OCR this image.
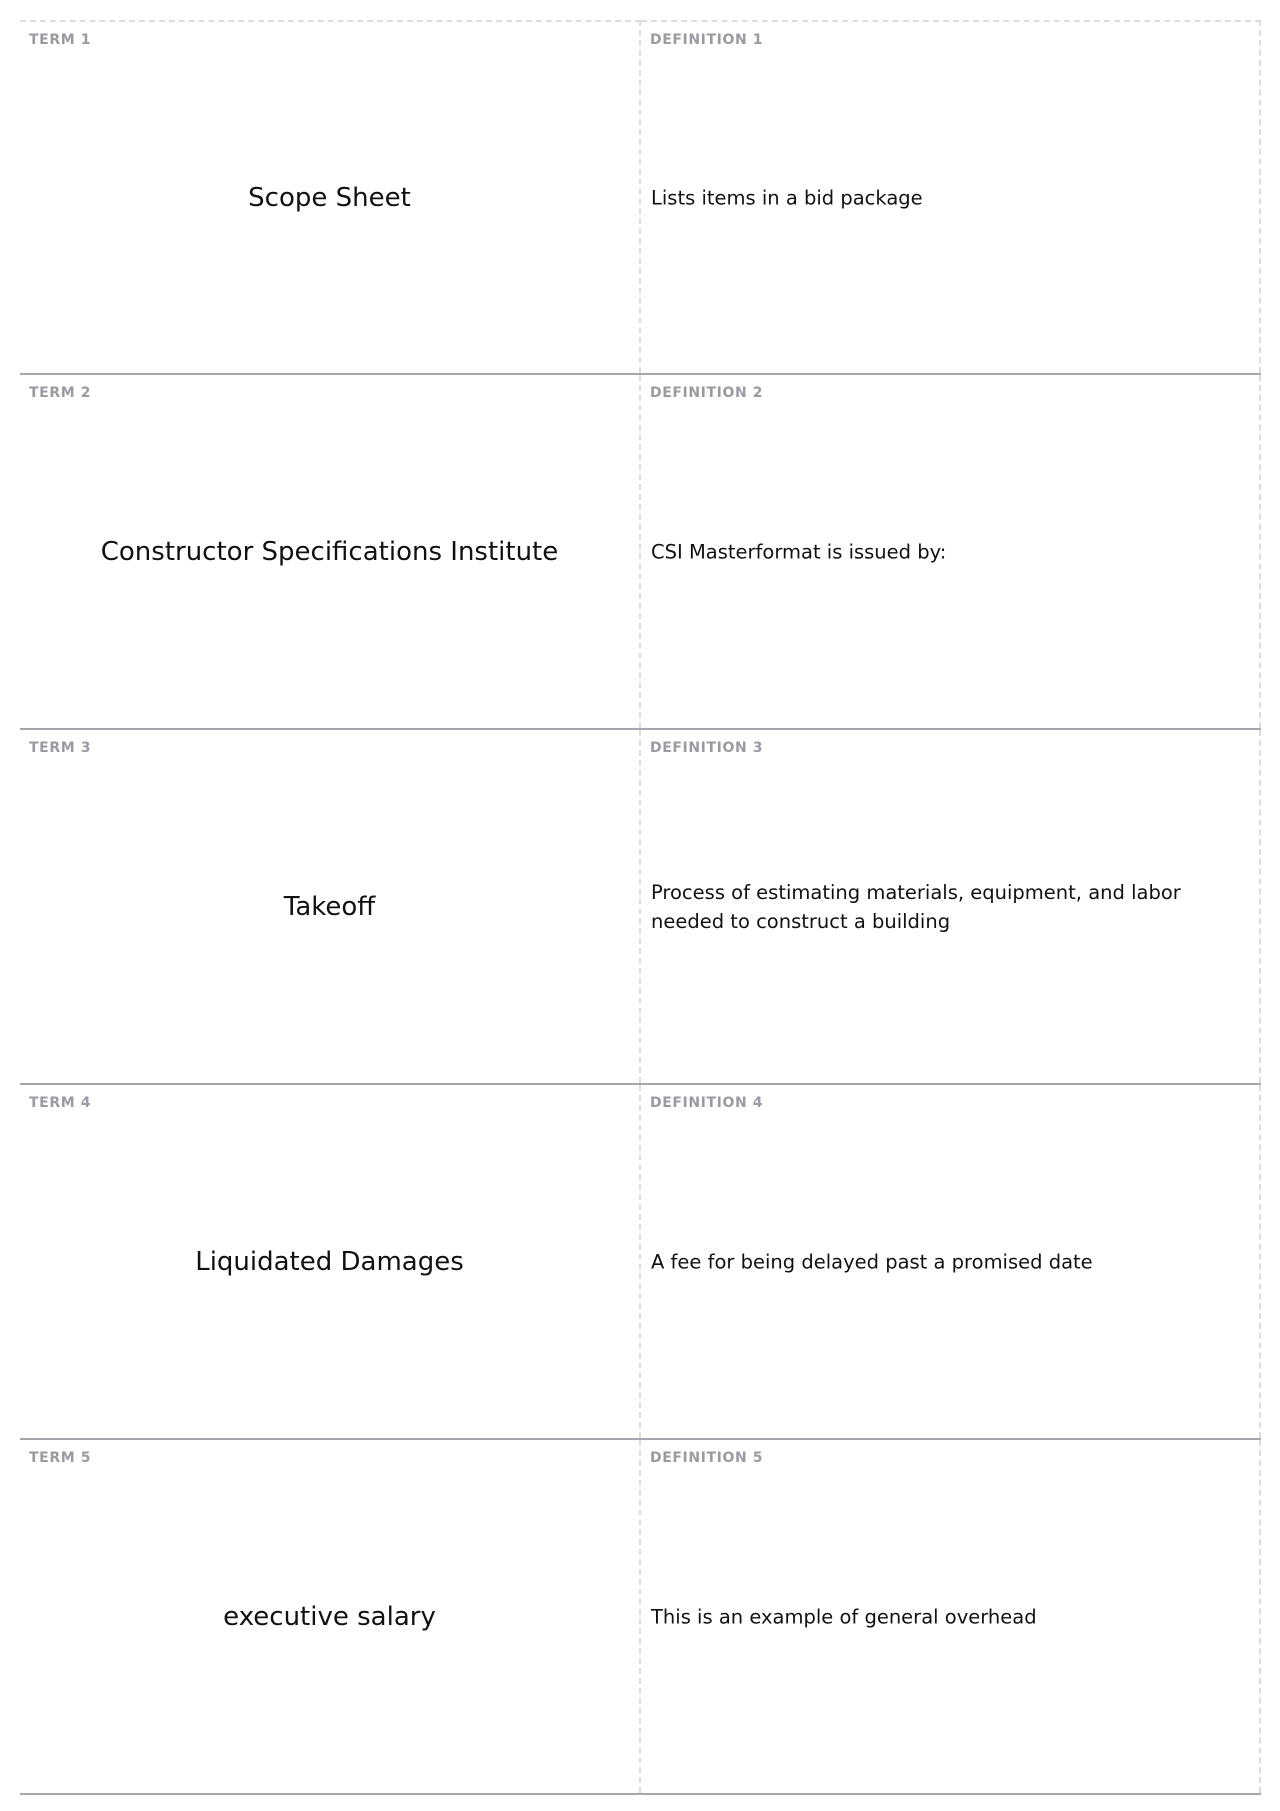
TERM 1
Scope Sheet
DEFINITION 1
Lists items in a bid package
TERM 2
Constructor Specifications Institute
DEFINITION 2
CSI Masterformat is issued by:
TERM 3
Takeoff
DEFINITION 3
Process of estimating materials, equipment, and labor needed to construct a building
TERM 4
Liquidated Damages
DEFINITION 4
A fee for being delayed past a promised date
TERM 5
executive salary
DEFINITION 5
This is an example of general overhead
